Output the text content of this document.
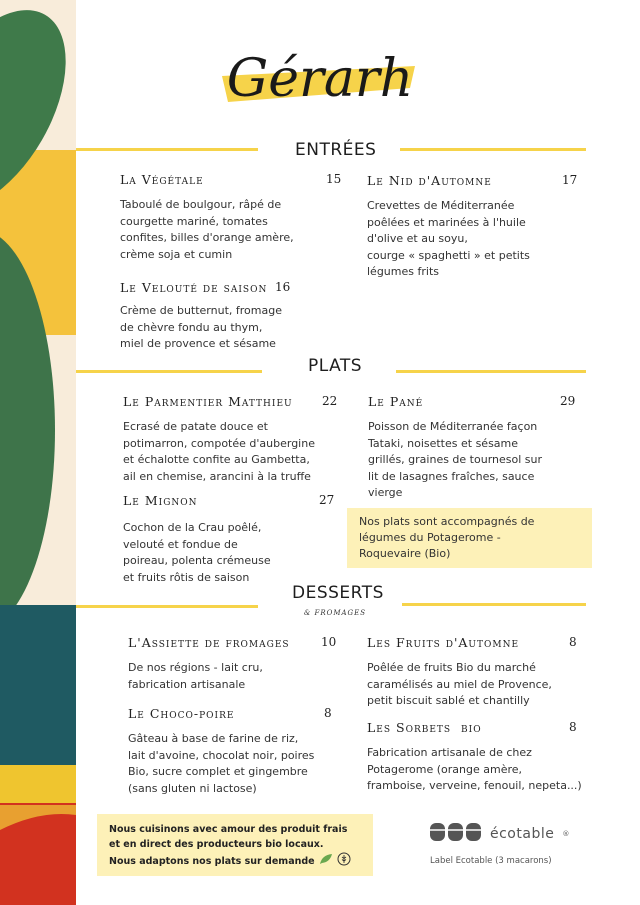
Gérarh
ENTRÉES
La Végétale	15
Taboulé de boulgour, râpé de
courgette mariné, tomates
confites, billes d'orange amère,
crème soja et cumin
Le Velouté de saison 16
Crème de butternut, fromage
de chèvre fondu au thym,
miel de provence et sésame
Le Nid d'Automne	17
Crevettes de Méditerranée
poêlées et marinées à l'huile
d'olive et au soyu,
courge « spaghetti » et petits
légumes frits
PLATS
Le Parmentier Matthieu	22
Ecrasé de patate douce et
potimarron, compotée d'aubergine
et échalotte confite au Gambetta,
ail en chemise, arancini à la truffe
Le Mignon	27
Cochon de la Crau poêlé,
velouté et fondue de
poireau, polenta crémeuse
et fruits rôtis de saison
Le Pané	29
Poisson de Méditerranée façon
Tataki, noisettes et sésame
grillés, graines de tournesol sur
lit de lasagnes fraîches, sauce
vierge
Nos plats sont accompagnés de
légumes du Potagerome -
Roquevaire (Bio)
DESSERTS
& FROMAGES
L'Assiette de fromages	10
De nos régions - lait cru,
fabrication artisanale
Le Choco-poire	8
Gâteau à base de farine de riz,
lait d'avoine, chocolat noir, poires
Bio, sucre complet et gingembre
(sans gluten ni lactose)
Les Fruits d'Automne	8
Poêlée de fruits Bio du marché
caramélisés au miel de Provence,
petit biscuit sablé et chantilly
Les Sorbets  bio	8
Fabrication artisanale de chez
Potagerome (orange amère,
framboise, verveine, fenouil, nepeta...)
Nous cuisinons avec amour des produit frais
et en direct des producteurs bio locaux.
Nous adaptons nos plats sur demande
écotable ®
Label Ecotable (3 macarons)
